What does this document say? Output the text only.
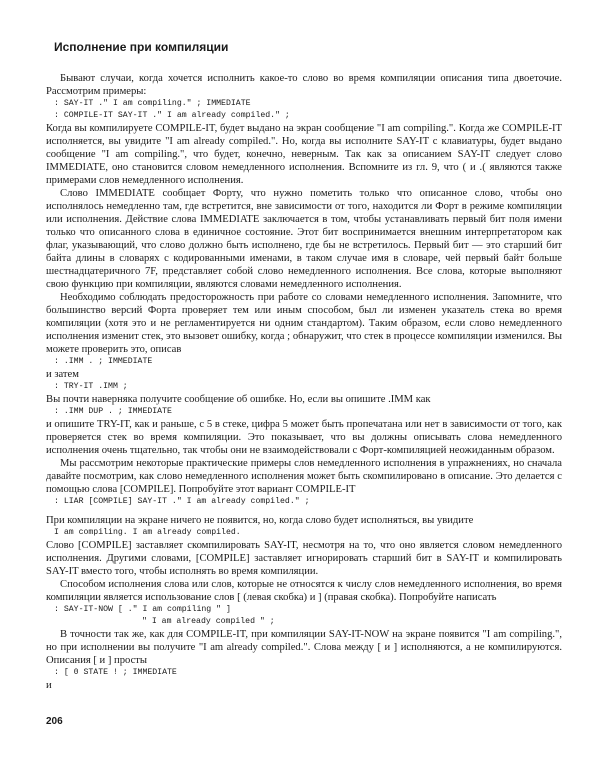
Исполнение при компиляции

Бывают случаи, когда хочется исполнить какое-то слово во время компиляции описания типа двоеточие. Рассмотрим примеры:

: SAY-IT ." I am compiling." ; IMMEDIATE
: COMPILE-IT SAY-IT ." I am already compiled." ;

Когда вы компилируете COMPILE-IT, будет выдано на экран сообщение "I am compiling.". Когда же COMPILE-IT исполняется, вы увидите "I am already compiled.". Но, когда вы исполните SAY-IT с клавиатуры, будет выдано сообщение "I am compiling.", что будет, конечно, неверным. Так как за описанием SAY-IT следует слово IMMEDIATE, оно становится словом немедленного исполнения. Вспомните из гл. 9, что ( и .( являются также примерами слов немедленного исполнения.

Слово IMMEDIATE сообщает Форту, что нужно пометить только что описанное слово, чтобы оно исполнялось немедленно там, где встретится, вне зависимости от того, находится ли Форт в режиме компиляции или исполнения. Действие слова IMMEDIATE заключается в том, чтобы устанавливать первый бит поля имени только что описанного слова в единичное состояние. Этот бит воспринимается внешним интерпретатором как флаг, указывающий, что слово должно быть исполнено, где бы не встретилось. Первый бит — это старший бит байта длины в словарях с кодированными именами, в таком случае имя в словаре, чей первый байт больше шестнадцатеричного 7F, представляет собой слово немедленного исполнения. Все слова, которые выполняют свою функцию при компиляции, являются словами немедленного исполнения.

Необходимо соблюдать предосторожность при работе со словами немедленного исполнения. Запомните, что большинство версий Форта проверяет тем или иным способом, был ли изменен указатель стека во время компиляции (хотя это и не регламентируется ни одним стандартом). Таким образом, если слово немедленного исполнения изменит стек, это вызовет ошибку, когда ; обнаружит, что стек в процессе компиляции изменился. Вы можете проверить это, описав

: .IMM . ; IMMEDIATE
и затем
: TRY-IT .IMM ;

Вы почти наверняка получите сообщение об ошибке. Но, если вы опишите .IMM как

: .IMM DUP . ; IMMEDIATE

и опишите TRY-IT, как и раньше, с 5 в стеке, цифра 5 может быть пропечатана или нет в зависимости от того, как проверяется стек во время компиляции. Это показывает, что вы должны описывать слова немедленного исполнения очень тщательно, так чтобы они не взаимодействовали с Форт-компиляцией неожиданным образом.

Мы рассмотрим некоторые практические примеры слов немедленного исполнения в упражнениях, но сначала давайте посмотрим, как слово немедленного исполнения может быть скомпилировано в описание. Это делается с помощью слова [COMPILE]. Попробуйте этот вариант COMPILE-IT

: LIAR [COMPILE] SAY-IT ." I am already compiled." ;

При компиляции на экране ничего не появится, но, когда слово будет исполняться, вы увидите

I am compiling. I am already compiled.

Слово [COMPILE] заставляет скомпилировать SAY-IT, несмотря на то, что оно является словом немедленного исполнения. Другими словами, [COMPILE] заставляет игнорировать старший бит в SAY-IT и компилировать SAY-IT вместо того, чтобы исполнять во время компиляции.

Способом исполнения слова или слов, которые не относятся к числу слов немедленного исполнения, во время компиляции является использование слов [ (левая скобка) и ] (правая скобка). Попробуйте написать

: SAY-IT-NOW [ ." I am compiling " ]
" I am already compiled " ;

В точности так же, как для COMPILE-IT, при компиляции SAY-IT-NOW на экране появится "I am compiling.", но при исполнении вы получите "I am already compiled.". Слова между [ и ] исполняются, а не компилируются. Описания [ и ] просты

: [ 0 STATE ! ; IMMEDIATE
и
206
